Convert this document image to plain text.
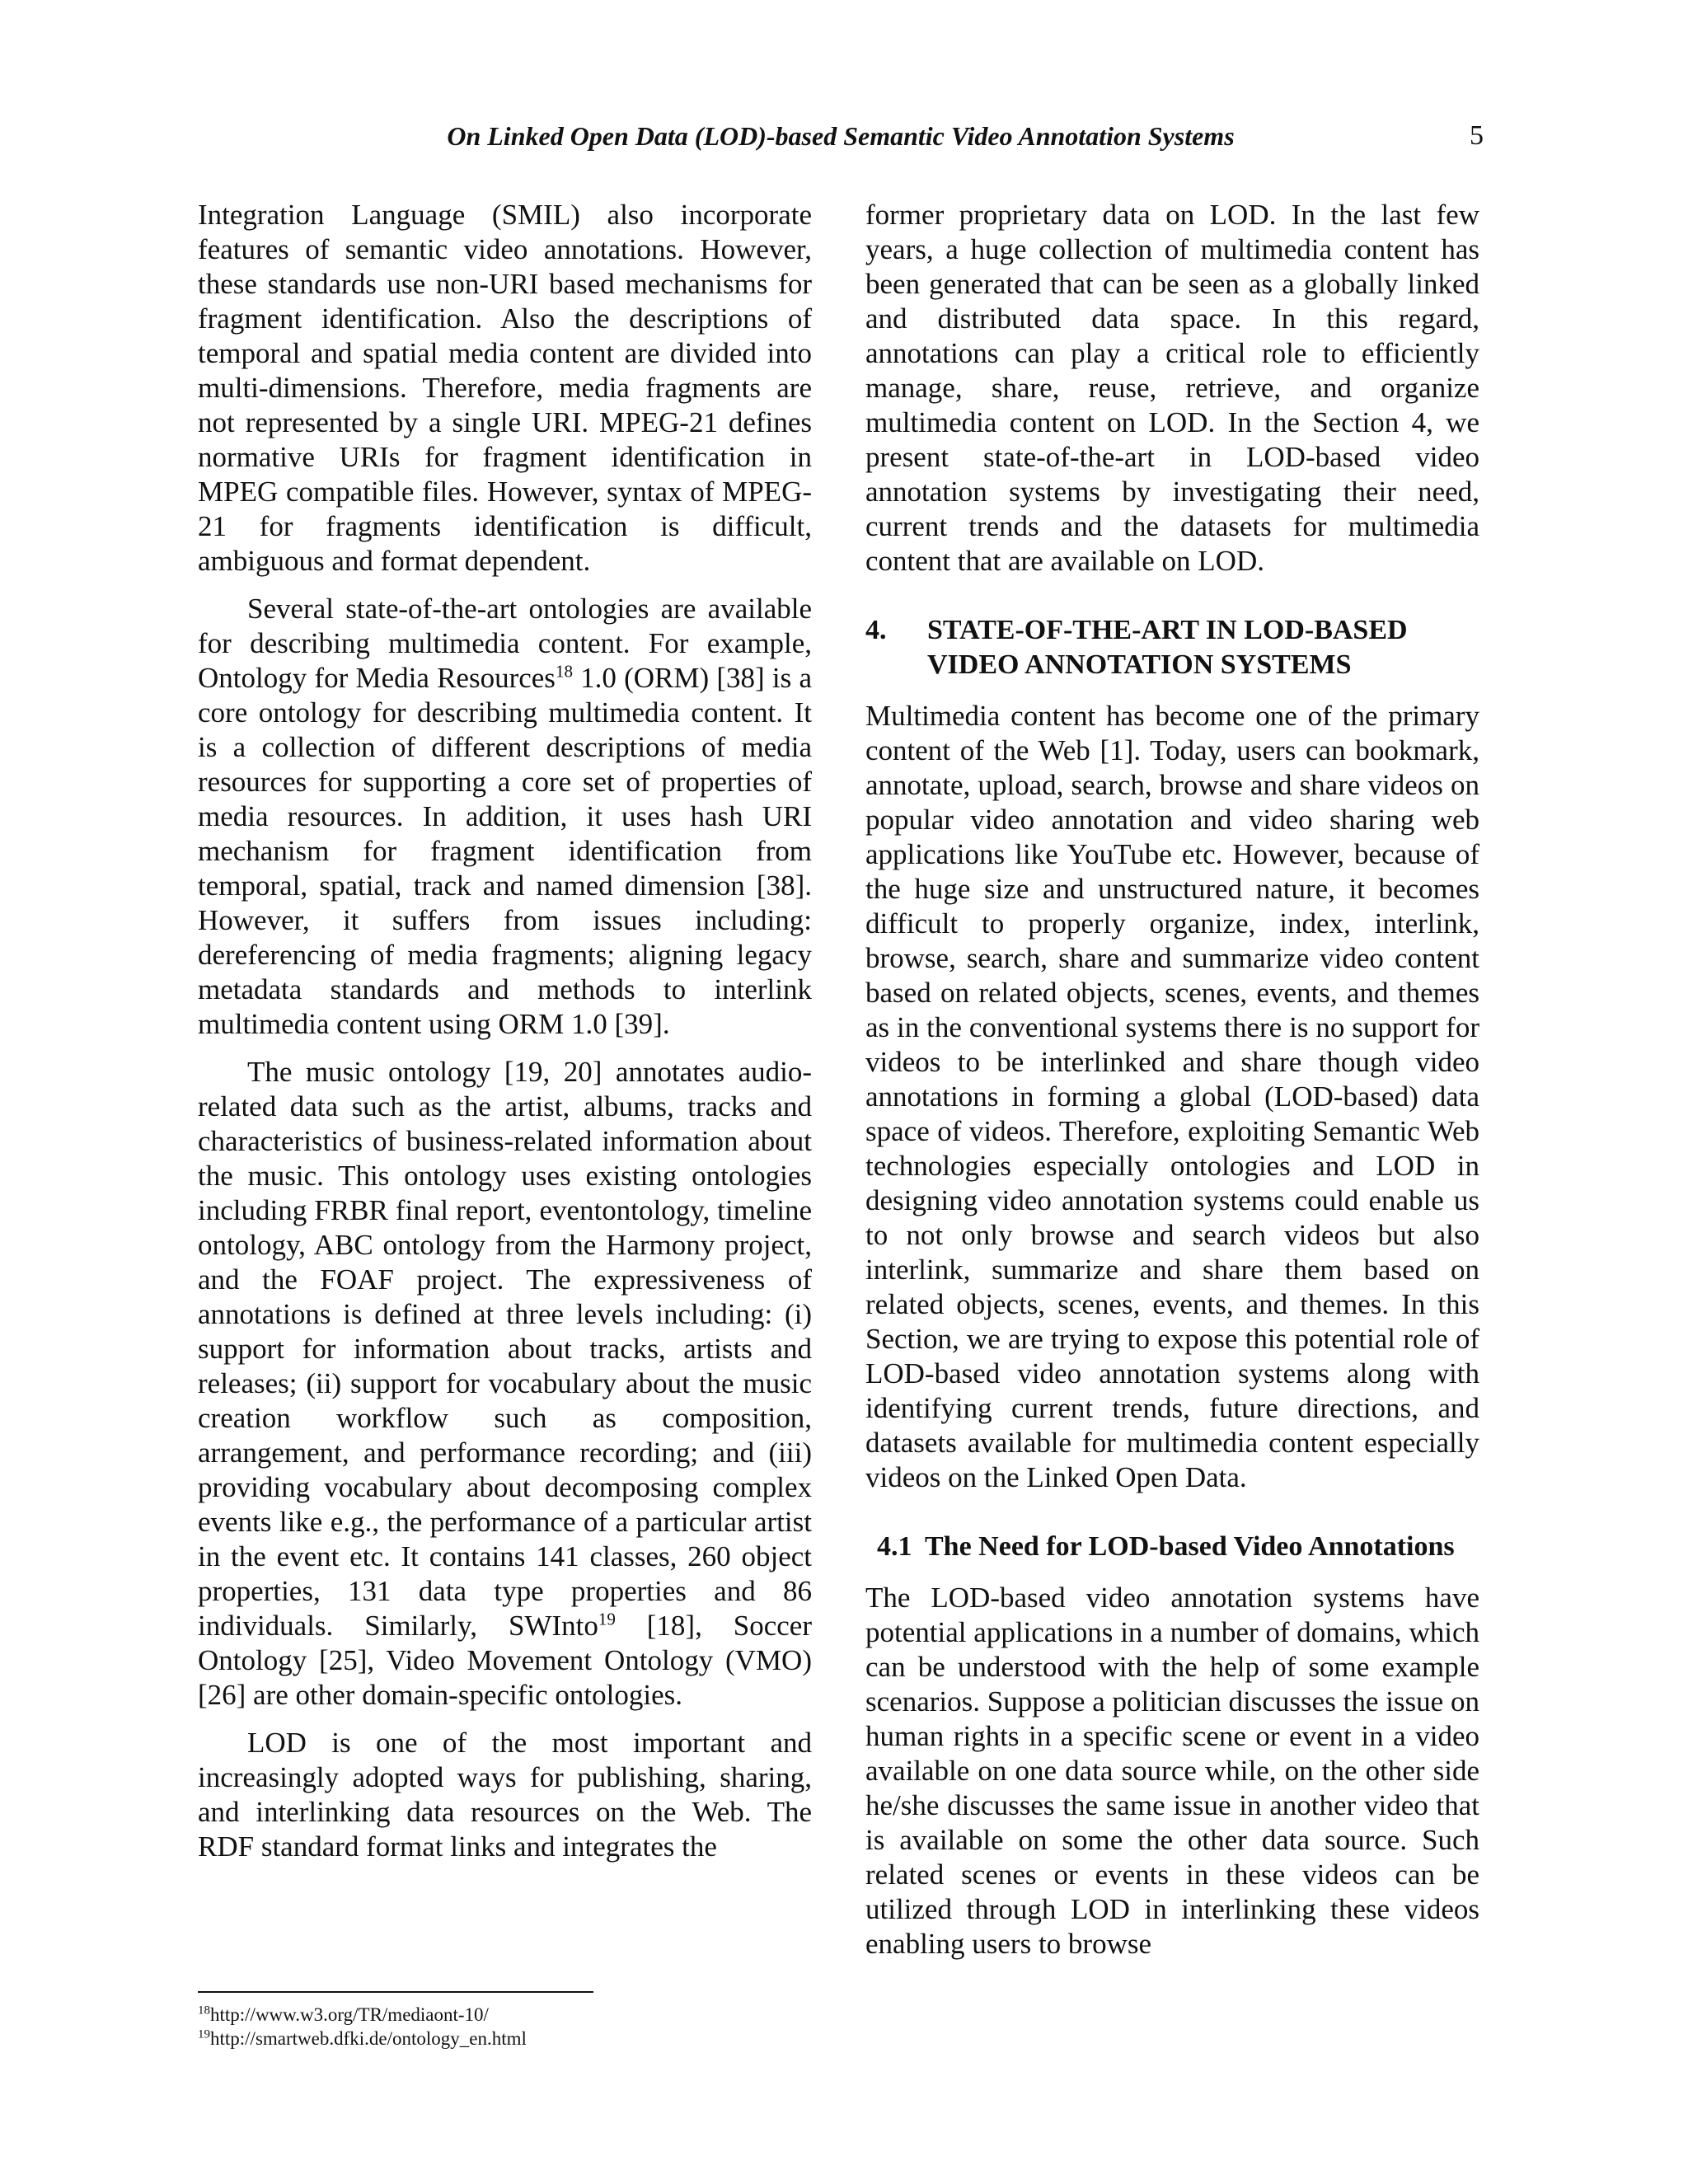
On Linked Open Data (LOD)-based Semantic Video Annotation Systems	5

Integration Language (SMIL) also incorporate features of semantic video annotations. However, these standards use non-URI based mechanisms for fragment identification. Also the descriptions of temporal and spatial media content are divided into multi-dimensions. Therefore, media fragments are not represented by a single URI. MPEG-21 defines normative URIs for fragment identification in MPEG compatible files. However, syntax of MPEG-21 for fragments identification is difficult, ambiguous and format dependent.

Several state-of-the-art ontologies are available for describing multimedia content. For example, Ontology for Media Resources$^{18}$ 1.0 (ORM) [38] is a core ontology for describing multimedia content. It is a collection of different descriptions of media resources for supporting a core set of properties of media resources. In addition, it uses hash URI mechanism for fragment identification from temporal, spatial, track and named dimension [38]. However, it suffers from issues including: dereferencing of media fragments; aligning legacy metadata standards and methods to interlink multimedia content using ORM 1.0 [39].

The music ontology [19, 20] annotates audio-related data such as the artist, albums, tracks and characteristics of business-related information about the music. This ontology uses existing ontologies including FRBR final report, eventontology, timeline ontology, ABC ontology from the Harmony project, and the FOAF project. The expressiveness of annotations is defined at three levels including: (i) support for information about tracks, artists and releases; (ii) support for vocabulary about the music creation workflow such as composition, arrangement, and performance recording; and (iii) providing vocabulary about decomposing complex events like e.g., the performance of a particular artist in the event etc. It contains 141 classes, 260 object properties, 131 data type properties and 86 individuals. Similarly, SWInto$^{19}$ [18], Soccer Ontology [25], Video Movement Ontology (VMO) [26] are other domain-specific ontologies.

LOD is one of the most important and increasingly adopted ways for publishing, sharing, and interlinking data resources on the Web. The RDF standard format links and integrates the

$^{18}$http://www.w3.org/TR/mediaont-10/
$^{19}$http://smartweb.dfki.de/ontology_en.html

former proprietary data on LOD. In the last few years, a huge collection of multimedia content has been generated that can be seen as a globally linked and distributed data space. In this regard, annotations can play a critical role to efficiently manage, share, reuse, retrieve, and organize multimedia content on LOD. In the Section 4, we present state-of-the-art in LOD-based video annotation systems by investigating their need, current trends and the datasets for multimedia content that are available on LOD.

4.	STATE-OF-THE-ART IN LOD-BASED VIDEO ANNOTATION SYSTEMS

Multimedia content has become one of the primary content of the Web [1]. Today, users can bookmark, annotate, upload, search, browse and share videos on popular video annotation and video sharing web applications like YouTube etc. However, because of the huge size and unstructured nature, it becomes difficult to properly organize, index, interlink, browse, search, share and summarize video content based on related objects, scenes, events, and themes as in the conventional systems there is no support for videos to be interlinked and share though video annotations in forming a global (LOD-based) data space of videos. Therefore, exploiting Semantic Web technologies especially ontologies and LOD in designing video annotation systems could enable us to not only browse and search videos but also interlink, summarize and share them based on related objects, scenes, events, and themes. In this Section, we are trying to expose this potential role of LOD-based video annotation systems along with identifying current trends, future directions, and datasets available for multimedia content especially videos on the Linked Open Data.

4.1 The Need for LOD-based Video Annotations

The LOD-based video annotation systems have potential applications in a number of domains, which can be understood with the help of some example scenarios. Suppose a politician discusses the issue on human rights in a specific scene or event in a video available on one data source while, on the other side he/she discusses the same issue in another video that is available on some the other data source. Such related scenes or events in these videos can be utilized through LOD in interlinking these videos enabling users to browse
